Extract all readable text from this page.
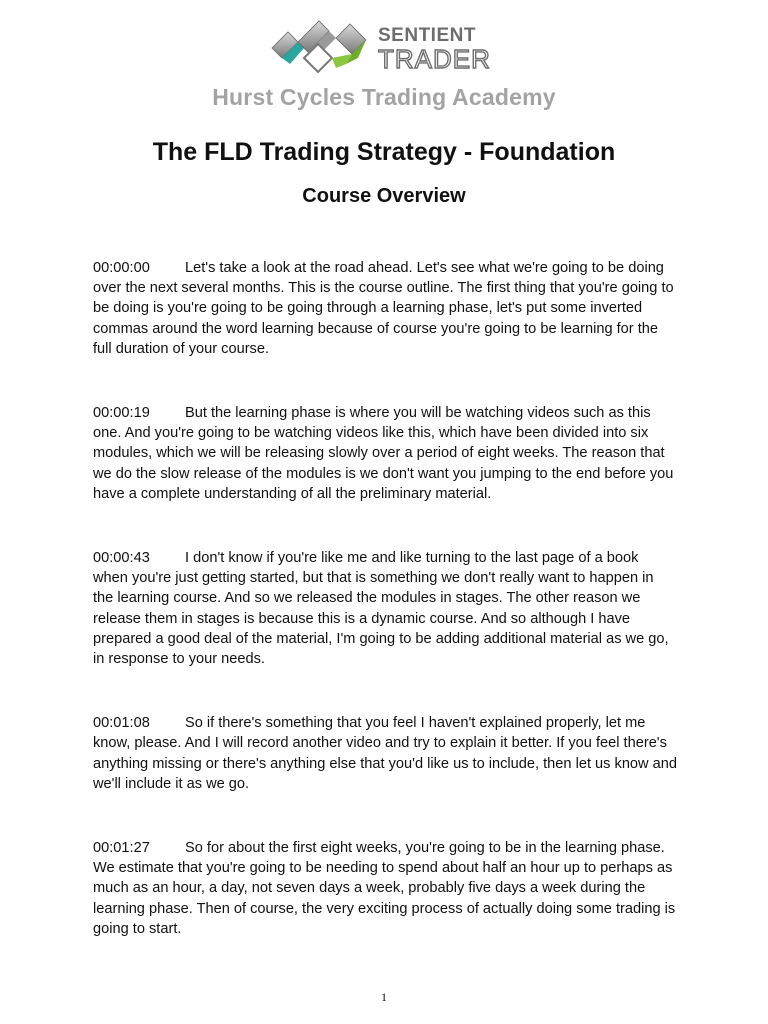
SENTIENT
TRADER
Hurst Cycles Trading Academy
The FLD Trading Strategy - Foundation
Course Overview

00:00:00 Let's take a look at the road ahead. Let's see what we're going to be doing over the next several months. This is the course outline. The first thing that you're going to be doing is you're going to be going through a learning phase, let's put some inverted commas around the word learning because of course you're going to be learning for the full duration of your course.

00:00:19 But the learning phase is where you will be watching videos such as this one. And you're going to be watching videos like this, which have been divided into six modules, which we will be releasing slowly over a period of eight weeks. The reason that we do the slow release of the modules is we don't want you jumping to the end before you have a complete understanding of all the preliminary material.

00:00:43 I don't know if you're like me and like turning to the last page of a book when you're just getting started, but that is something we don't really want to happen in the learning course. And so we released the modules in stages. The other reason we release them in stages is because this is a dynamic course. And so although I have prepared a good deal of the material, I'm going to be adding additional material as we go, in response to your needs.

00:01:08 So if there's something that you feel I haven't explained properly, let me know, please. And I will record another video and try to explain it better. If you feel there's anything missing or there's anything else that you'd like us to include, then let us know and we'll include it as we go.

00:01:27 So for about the first eight weeks, you're going to be in the learning phase. We estimate that you're going to be needing to spend about half an hour up to perhaps as much as an hour, a day, not seven days a week, probably five days a week during the learning phase. Then of course, the very exciting process of actually doing some trading is going to start.

1
